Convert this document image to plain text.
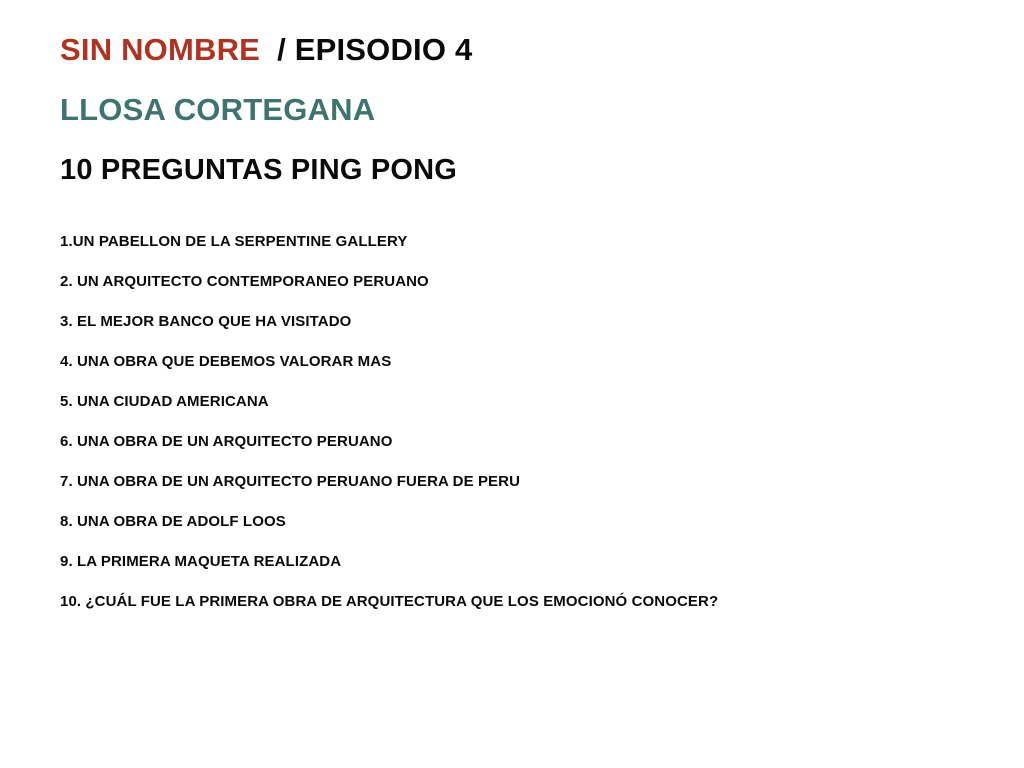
SIN NOMBRE / EPISODIO 4
LLOSA CORTEGANA
10 PREGUNTAS PING PONG
1.UN PABELLON DE LA SERPENTINE GALLERY
2. UN ARQUITECTO CONTEMPORANEO PERUANO
3. EL MEJOR BANCO QUE HA VISITADO
4. UNA OBRA QUE DEBEMOS VALORAR MAS
5. UNA CIUDAD AMERICANA
6. UNA OBRA DE UN ARQUITECTO PERUANO
7. UNA OBRA DE UN ARQUITECTO PERUANO FUERA DE PERU
8. UNA OBRA DE ADOLF LOOS
9. LA PRIMERA MAQUETA REALIZADA
10. ¿CUÁL FUE LA PRIMERA OBRA DE ARQUITECTURA QUE LOS EMOCIONÓ CONOCER?
